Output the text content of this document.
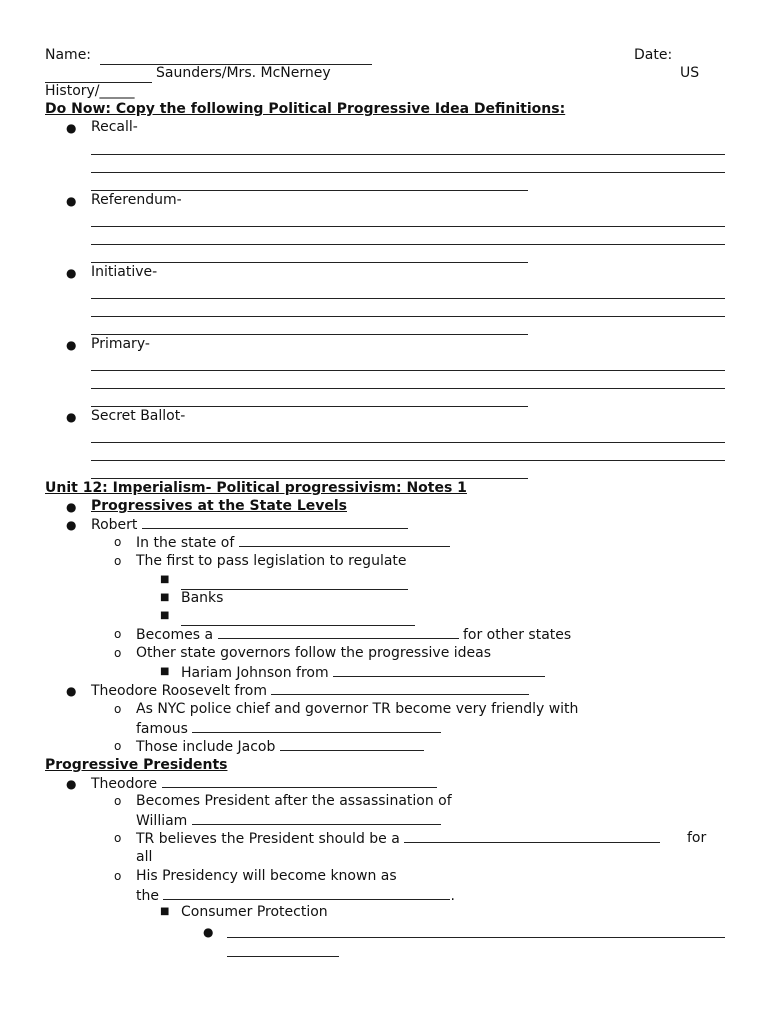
Name:	Date:
Saunders/Mrs. McNerney	US
History/_____
Do Now: Copy the following Political Progressive Idea Definitions:
● Recall-
● Referendum-
● Initiative-
● Primary-
● Secret Ballot-
Unit 12: Imperialism- Political progressivism: Notes 1
● Progressives at the State Levels
● Robert
o In the state of
o The first to pass legislation to regulate
■
■ Banks
■
o Becomes a	for other states
o Other state governors follow the progressive ideas
■ Hariam Johnson from
● Theodore Roosevelt from
o As NYC police chief and governor TR become very friendly with
famous
o Those include Jacob
Progressive Presidents
● Theodore
o Becomes President after the assassination of
William
o TR believes the President should be a	for
all
o His Presidency will become known as
the	.
■ Consumer Protection
●
